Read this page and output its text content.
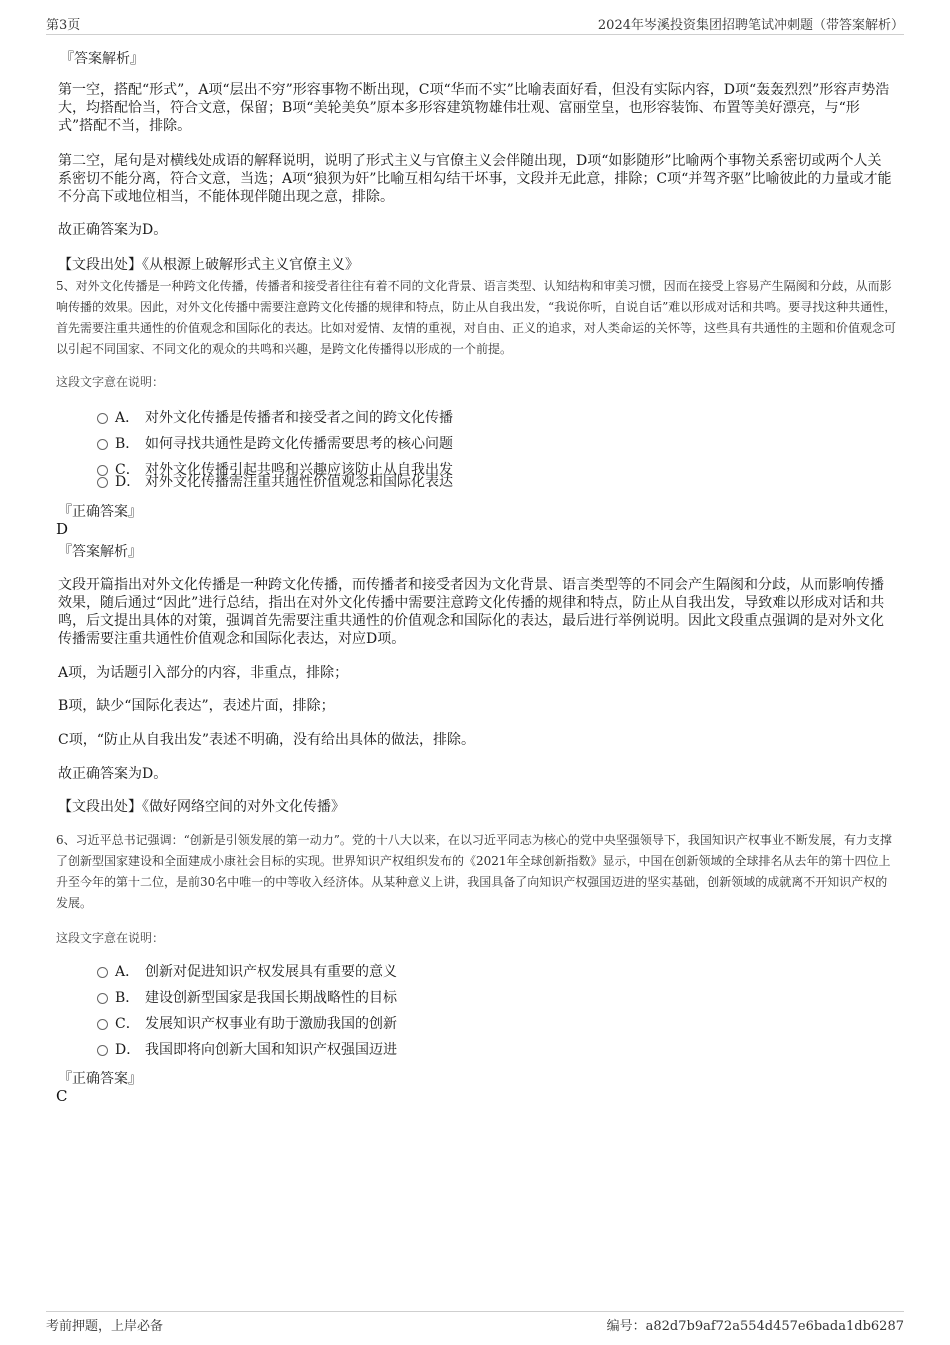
第3页	2024年岑溪投资集团招聘笔试冲刺题（带答案解析）
『答案解析』
第一空，搭配“形式”，A项“层出不穷”形容事物不断出现，C项“华而不实”比喻表面好看，但没有实际内容，D项“轰轰烈烈”形容声势浩大，均搭配恰当，符合文意，保留；B项“美轮美奂”原本多形容建筑物雄伟壮观、富丽堂皇，也形容装饰、布置等美好漂亮，与“形式”搭配不当，排除。
第二空，尾句是对横线处成语的解释说明，说明了形式主义与官僚主义会伴随出现，D项“如影随形”比喻两个事物关系密切或两个人关系密切不能分离，符合文意，当选；A项“狼狈为奸”比喻互相勾结干坏事，文段并无此意，排除；C项“并驾齐驱”比喻彼此的力量或才能不分高下或地位相当，不能体现伴随出现之意，排除。
故正确答案为D。
【文段出处】《从根源上破解形式主义官僚主义》
5、对外文化传播是一种跨文化传播，传播者和接受者往往有着不同的文化背景、语言类型、认知结构和审美习惯，因而在接受上容易产生隔阂和分歧，从而影响传播的效果。因此，对外文化传播中需要注意跨文化传播的规律和特点，防止从自我出发，“我说你听，自说自话”难以形成对话和共鸣。要寻找这种共通性，首先需要注重共通性的价值观念和国际化的表达。比如对爱情、友情的重视，对自由、正义的追求，对人类命运的关怀等，这些具有共通性的主题和价值观念可以引起不同国家、不同文化的观众的共鸣和兴趣，是跨文化传播得以形成的一个前提。
这段文字意在说明：
A． 对外文化传播是传播者和接受者之间的跨文化传播
B． 如何寻找共通性是跨文化传播需要思考的核心问题
C． 对外文化传播引起共鸣和兴趣应该防止从自我出发
D． 对外文化传播需注重共通性价值观念和国际化表达
『正确答案』
D
『答案解析』
文段开篇指出对外文化传播是一种跨文化传播，而传播者和接受者因为文化背景、语言类型等的不同会产生隔阂和分歧，从而影响传播效果，随后通过“因此”进行总结，指出在对外文化传播中需要注意跨文化传播的规律和特点，防止从自我出发，导致难以形成对话和共鸣，后文提出具体的对策，强调首先需要注重共通性的价值观念和国际化的表达，最后进行举例说明。因此文段重点强调的是对外文化传播需要注重共通性价值观念和国际化表达，对应D项。
A项，为话题引入部分的内容，非重点，排除；
B项，缺少“国际化表达”，表述片面，排除；
C项，“防止从自我出发”表述不明确，没有给出具体的做法，排除。
故正确答案为D。
【文段出处】《做好网络空间的对外文化传播》
6、习近平总书记强调：“创新是引领发展的第一动力”。党的十八大以来，在以习近平同志为核心的党中央坚强领导下，我国知识产权事业不断发展，有力支撑了创新型国家建设和全面建成小康社会目标的实现。世界知识产权组织发布的《2021年全球创新指数》显示，中国在创新领域的全球排名从去年的第十四位上升至今年的第十二位，是前30名中唯一的中等收入经济体。从某种意义上讲，我国具备了向知识产权强国迈进的坚实基础，创新领域的成就离不开知识产权的发展。
这段文字意在说明：
A． 创新对促进知识产权发展具有重要的意义
B． 建设创新型国家是我国长期战略性的目标
C． 发展知识产权事业有助于激励我国的创新
D． 我国即将向创新大国和知识产权强国迈进
『正确答案』
C
考前押题，上岸必备	编号：a82d7b9af72a554d457e6bada1db6287
